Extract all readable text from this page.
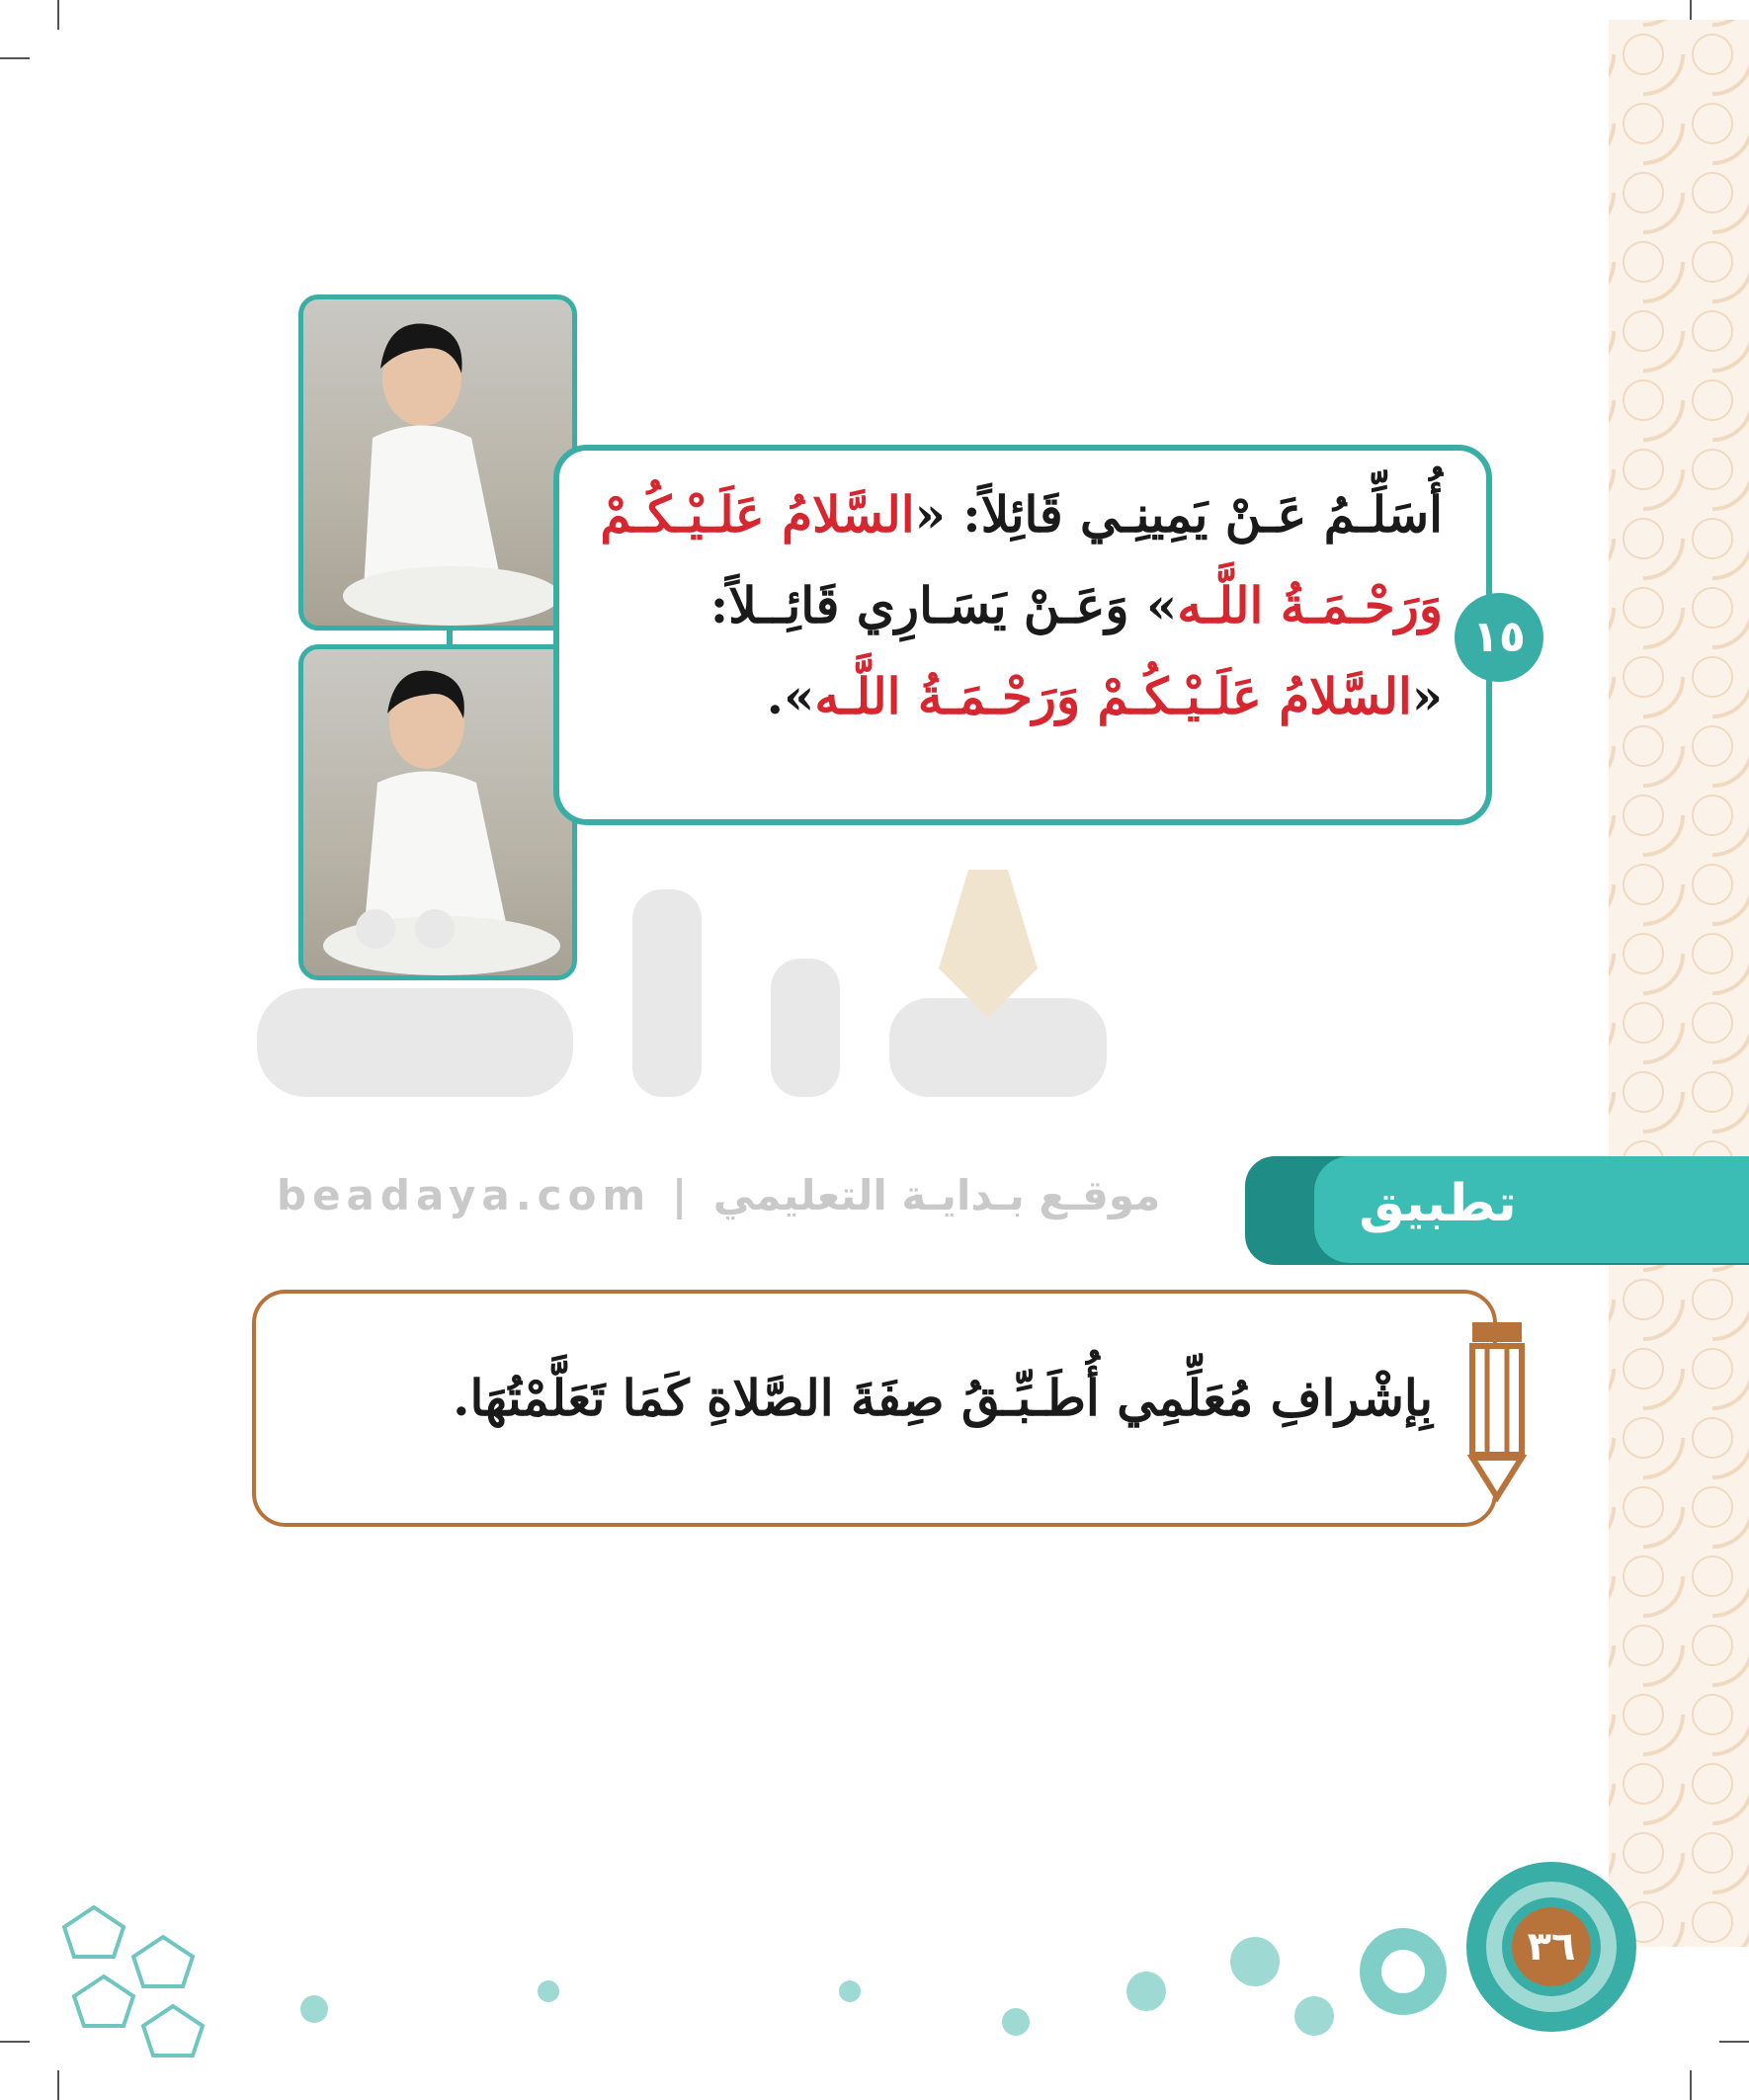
beadaya.com | موقـع بـدايـة التعليمي
أُسَلِّـمُ عَـنْ يَمِينِـي قَائِلاً: «السَّلامُ عَلَـيْـكُـمْ وَرَحْـمَـةُ اللَّـه» وَعَـنْ يَسَـارِي قَائِــلاً: «السَّلامُ عَلَـيْـكُـمْ وَرَحْـمَـةُ اللَّـه».
١٥
تطبيق
بِإشْرافِ مُعَلِّمِي أُطَـبِّـقُ صِفَةَ الصَّلاةِ كَمَا تَعَلَّمْتُهَا.
٣٦
